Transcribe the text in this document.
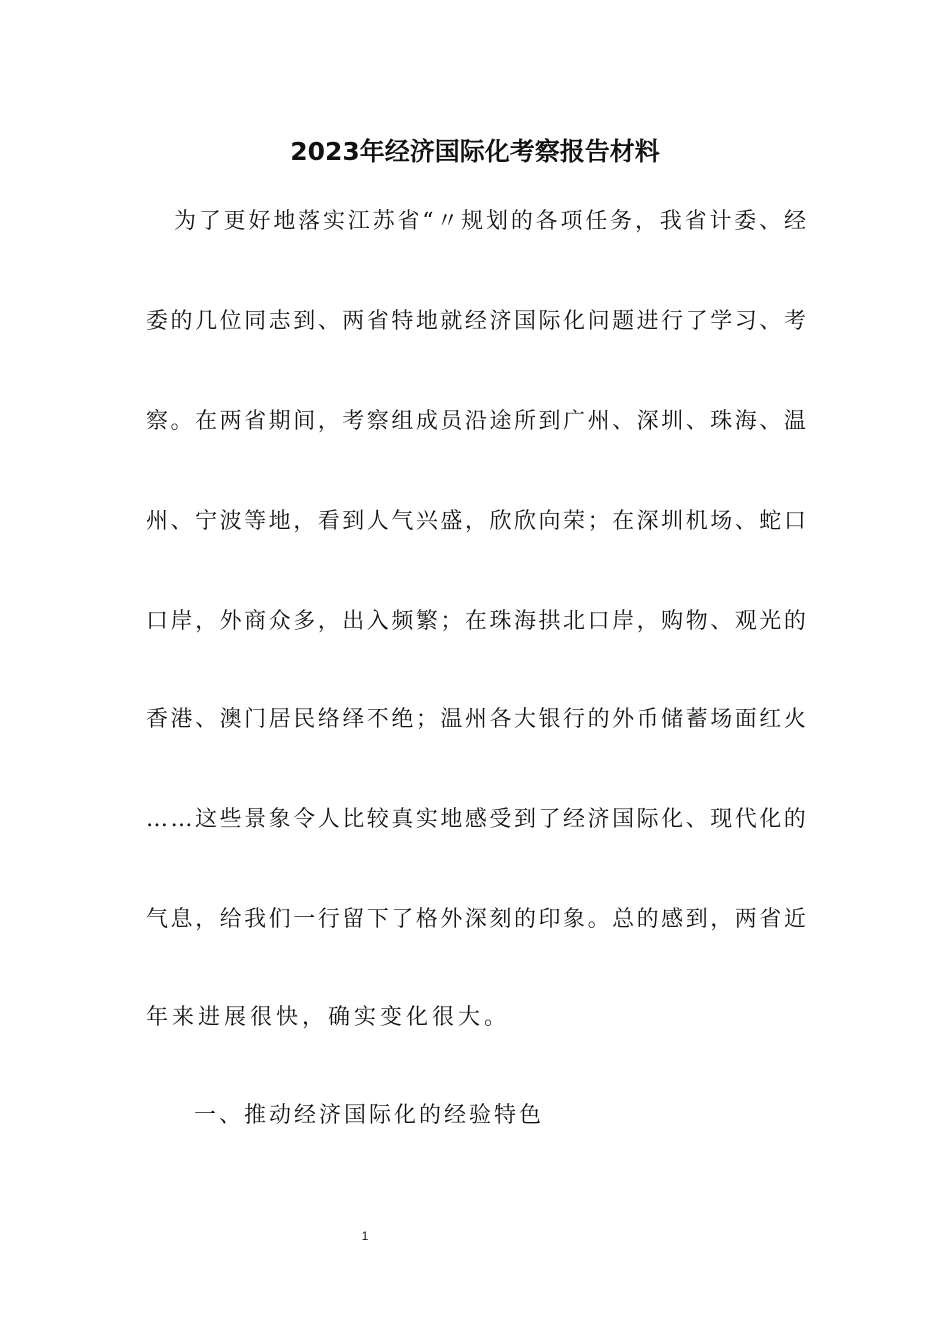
2023年经济国际化考察报告材料
为 了 更 好 地 落 实 江 苏 省 “ 〃 规 划 的 各 项 任 务 ， 我 省 计 委 、 经
委 的 几 位 同 志 到 、 两 省 特 地 就 经 济 国 际 化 问 题 进 行 了 学 习 、 考
察 。 在 两 省 期 间 ， 考 察 组 成 员 沿 途 所 到 广 州 、 深 圳 、 珠 海 、 温
州 、 宁 波 等 地 ， 看 到 人 气 兴 盛 ， 欣 欣 向 荣 ； 在 深 圳 机 场 、 蛇 口
口 岸 ， 外 商 众 多 ， 出 入 频 繁 ； 在 珠 海 拱 北 口 岸 ， 购 物 、 观 光 的
香 港 、 澳 门 居 民 络 绎 不 绝 ； 温 州 各 大 银 行 的 外 币 储 蓄 场 面 红 火
… … 这 些 景 象 令 人 比 较 真 实 地 感 受 到 了 经 济 国 际 化 、 现 代 化 的
气 息 ， 给 我 们 一 行 留 下 了 格 外 深 刻 的 印 象 。 总 的 感 到 ， 两 省 近
年来进展很快，确实变化很大。
一、推动经济国际化的经验特色
1
